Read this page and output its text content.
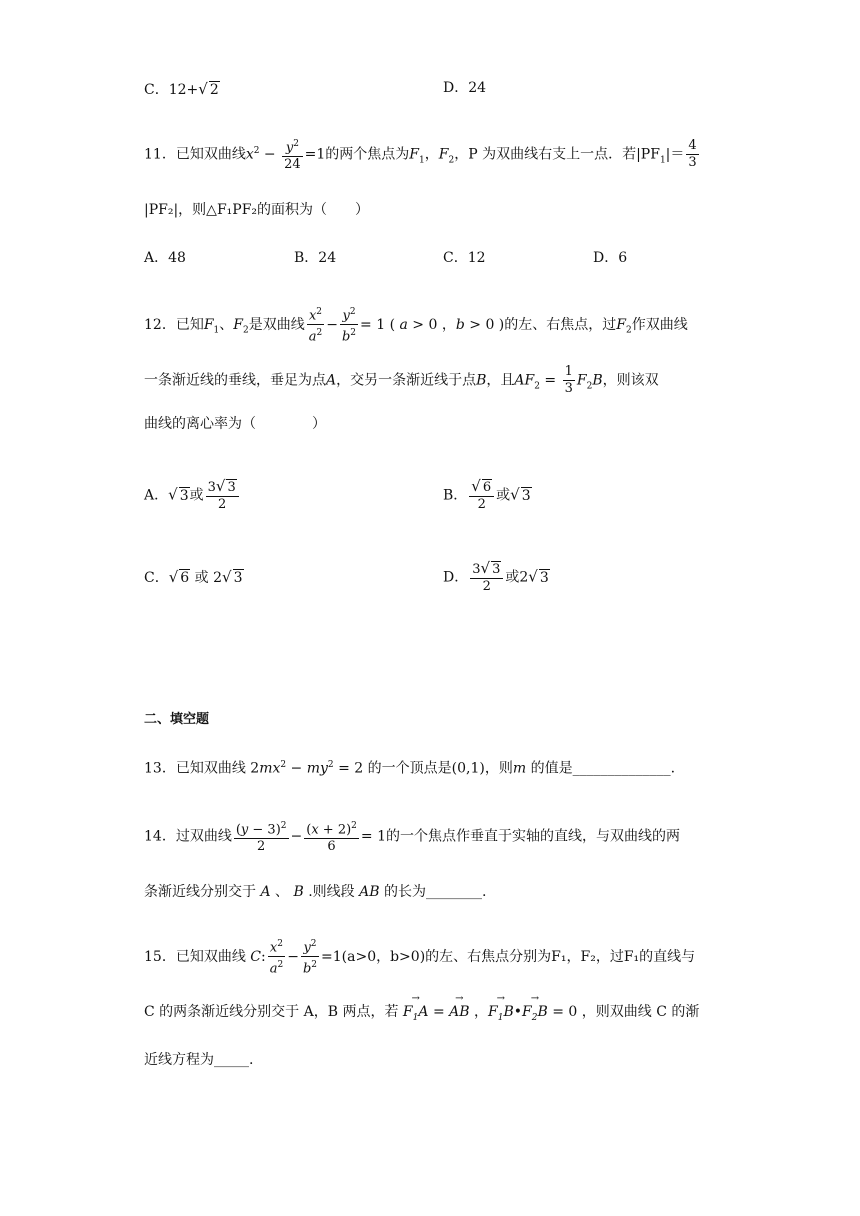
C．12+√ 2	D．24
11．已知双曲线$x^2 - \frac{y^2}{24} =1$的两个焦点为$F_1$，$F_2$，P 为双曲线右支上一点．若$|PF_1|= \frac{4}{3}$
|PF₂|，则△F₁PF₂的面积为（　　）
A．48	B．24	C．12	D．6
12．已知$F_1$、$F_2$是双曲线 $\frac{x^2}{a^2} - \frac{y^2}{b^2} = 1$ ( a > 0 ，b > 0 )的左、右焦点，过$F_2$作双曲线
一条渐近线的垂线，垂足为点A，交另一条渐近线于点B，且$AF_2 = \frac{1}{3} F_2B$，则该双
曲线的离心率为（　　　　）
A．√ 3或 $\frac{3√ 3}{2}$	B． $\frac{√ 6}{2}$ 或√ 3
C．√ 6 或 2√ 3	D． $\frac{3√ 3}{2}$ 或2√ 3
二、填空题
13．已知双曲线 $2mx^2 - my^2 = 2$ 的一个顶点是(0,1)，则m 的值是______________.
14．过双曲线 $\frac{(y - 3)^2}{2} - \frac{(x + 2)^2}{6} = 1$的一个焦点作垂直于实轴的直线，与双曲线的两
条渐近线分别交于 A 、 B .则线段 AB 的长为________.
15．已知双曲线 C: $\frac{x^2}{a^2} - \frac{y^2}{b^2} =1(a>0$，b>0)的左、右焦点分别为F₁，F₂，过F₁的直线与
C 的两条渐近线分别交于 A，B 两点，若 → $F_1A$ = → AB ，→ $F_1B•\to F_2B = 0$ ，则双曲线 C 的渐
近线方程为_____.
